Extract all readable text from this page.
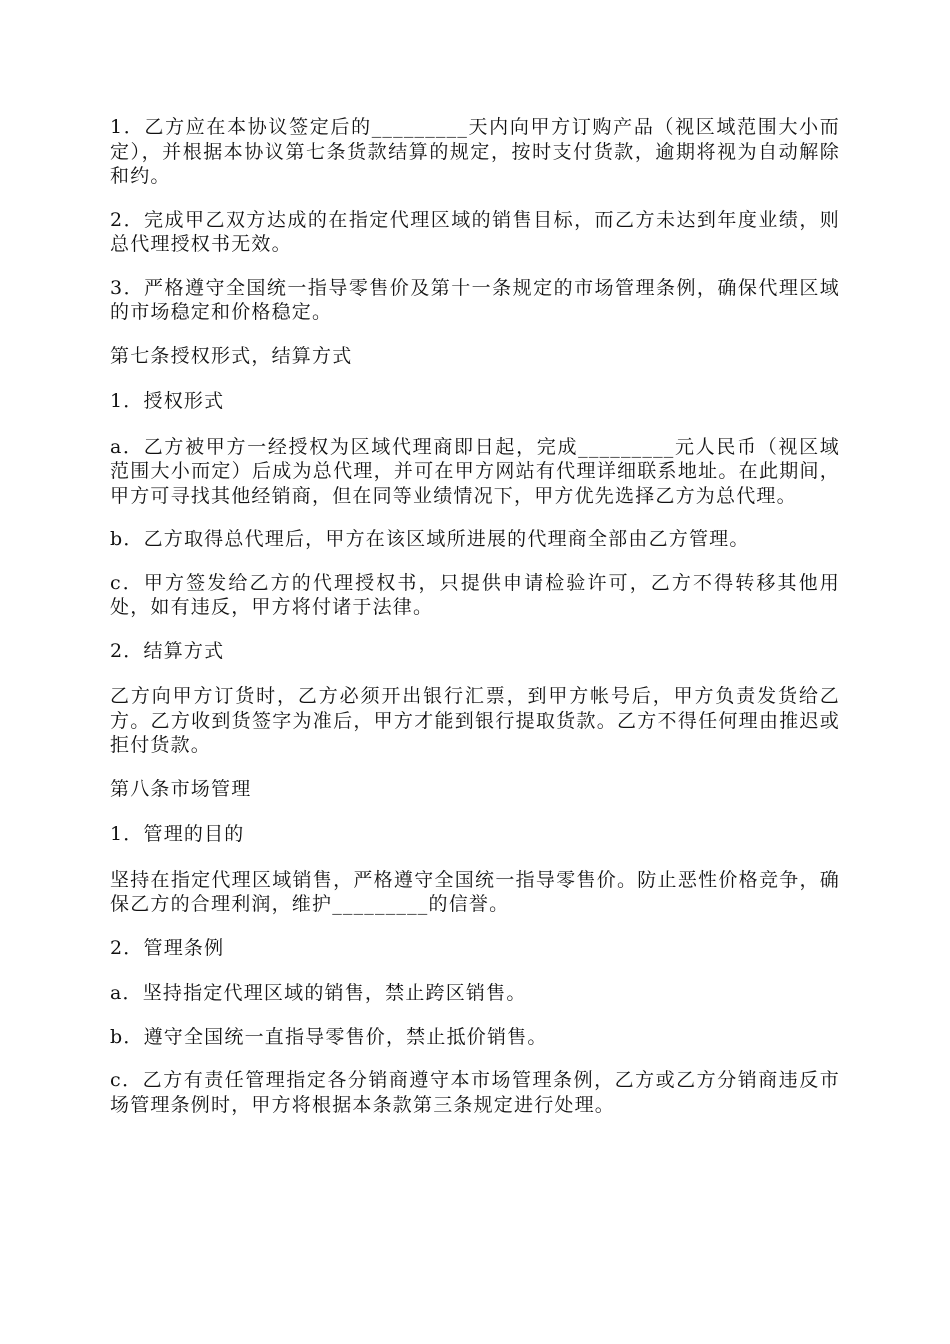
1．乙方应在本协议签定后的_________天内向甲方订购产品（视区域范围大小而定），并根据本协议第七条货款结算的规定，按时支付货款，逾期将视为自动解除和约。

2．完成甲乙双方达成的在指定代理区域的销售目标，而乙方未达到年度业绩，则总代理授权书无效。

3．严格遵守全国统一指导零售价及第十一条规定的市场管理条例，确保代理区域的市场稳定和价格稳定。

第七条授权形式，结算方式

1．授权形式

a．乙方被甲方一经授权为区域代理商即日起，完成_________元人民币（视区域范围大小而定）后成为总代理，并可在甲方网站有代理详细联系地址。在此期间，甲方可寻找其他经销商，但在同等业绩情况下，甲方优先选择乙方为总代理。

b．乙方取得总代理后，甲方在该区域所进展的代理商全部由乙方管理。

c．甲方签发给乙方的代理授权书，只提供申请检验许可，乙方不得转移其他用处，如有违反，甲方将付诸于法律。

2．结算方式

乙方向甲方订货时，乙方必须开出银行汇票，到甲方帐号后，甲方负责发货给乙方。乙方收到货签字为准后，甲方才能到银行提取货款。乙方不得任何理由推迟或拒付货款。

第八条市场管理

1．管理的目的

坚持在指定代理区域销售，严格遵守全国统一指导零售价。防止恶性价格竞争，确保乙方的合理利润，维护_________的信誉。

2．管理条例

a．坚持指定代理区域的销售，禁止跨区销售。

b．遵守全国统一直指导零售价，禁止抵价销售。

c．乙方有责任管理指定各分销商遵守本市场管理条例，乙方或乙方分销商违反市场管理条例时，甲方将根据本条款第三条规定进行处理。
